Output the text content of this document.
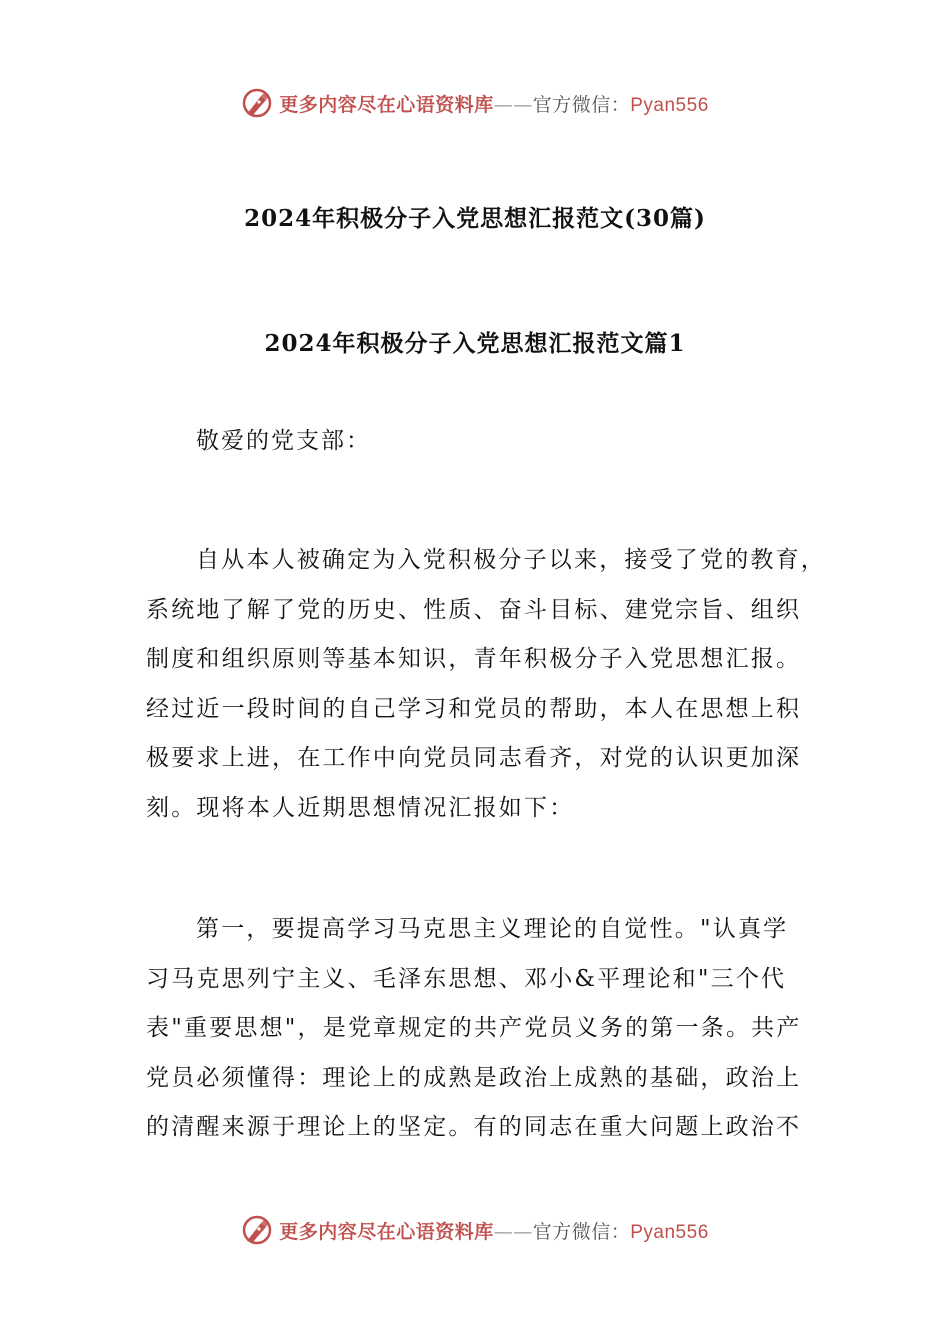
更多内容尽在心语资料库——官方微信：Pyan556
2024年积极分子入党思想汇报范文(30篇)
2024年积极分子入党思想汇报范文篇1
敬爱的党支部：
自从本人被确定为入党积极分子以来，接受了党的教育，
系统地了解了党的历史、性质、奋斗目标、建党宗旨、组织
制度和组织原则等基本知识，青年积极分子入党思想汇报。
经过近一段时间的自己学习和党员的帮助，本人在思想上积
极要求上进，在工作中向党员同志看齐，对党的认识更加深
刻。现将本人近期思想情况汇报如下：
第一，要提高学习马克思主义理论的自觉性。"认真学
习马克思列宁主义、毛泽东思想、邓小&平理论和"三个代
表"重要思想"，是党章规定的共产党员义务的第一条。共产
党员必须懂得：理论上的成熟是政治上成熟的基础，政治上
的清醒来源于理论上的坚定。有的同志在重大问题上政治不
更多内容尽在心语资料库——官方微信：Pyan556
